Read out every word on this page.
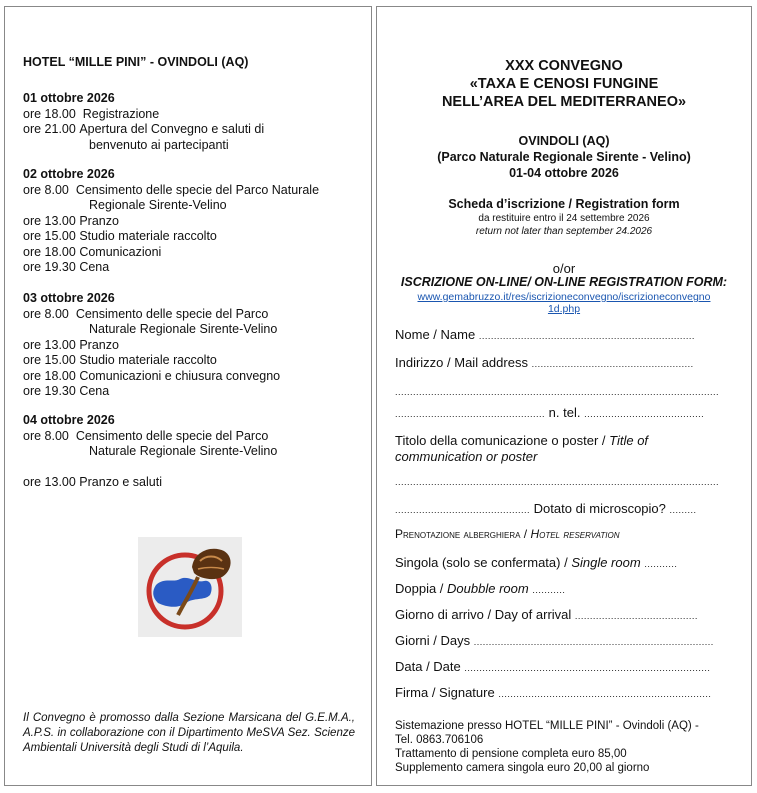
HOTEL “MILLE PINI” - OVINDOLI (AQ)
01 ottobre 2026
ore 18.00 Registrazione
ore 21.00 Apertura del Convegno e saluti di
benvenuto ai partecipanti
02 ottobre 2026
ore 8.00 Censimento delle specie del Parco Naturale
Regionale Sirente-Velino
ore 13.00 Pranzo
ore 15.00 Studio materiale raccolto
ore 18.00 Comunicazioni
ore 19.30 Cena
03 ottobre 2026
ore 8.00 Censimento delle specie del Parco
Naturale Regionale Sirente-Velino
ore 13.00 Pranzo
ore 15.00 Studio materiale raccolto
ore 18.00 Comunicazioni e chiusura convegno
ore 19.30 Cena
04 ottobre 2026
ore 8.00 Censimento delle specie del Parco
Naturale Regionale Sirente-Velino
ore 13.00 Pranzo e saluti
Il Convegno è promosso dalla Sezione Marsicana del G.E.M.A., A.P.S. in collaborazione con il Dipartimento MeSVA Sez. Scienze Ambientali Università degli Studi di l’Aquila.
XXX CONVEGNO
«TAXA E CENOSI FUNGINE
NELL’AREA DEL MEDITERRANEO»
OVINDOLI (AQ)
(Parco Naturale Regionale Sirente - Velino)
01-04 ottobre 2026
Scheda d’iscrizione / Registration form
da restituire entro il 24 settembre 2026
return not later than september 24.2026
o/or
ISCRIZIONE ON-LINE/ ON-LINE REGISTRATION FORM:
www.gemabruzzo.it/res/iscrizioneconvegno/iscrizioneconvegno
1d.php
Nome / Name ........................................................................
Indirizzo / Mail address ......................................................
............................................................................................................
.................................................. n. tel. ........................................
Titolo della comunicazione o poster / Title of
communication or poster
............................................................................................................
............................................. Dotato di microscopio? .........
Prenotazione alberghiera / Hotel reservation
Singola (solo se confermata) / Single room ...........
Doppia / Doubble room ...........
Giorno di arrivo / Day of arrival .........................................
Giorni / Days ................................................................................
Data / Date ..................................................................................
Firma / Signature .......................................................................
Sistemazione presso HOTEL “MILLE PINI” - Ovindoli (AQ) -
Tel. 0863.706106
Trattamento di pensione completa euro 85,00
Supplemento camera singola euro 20,00 al giorno
